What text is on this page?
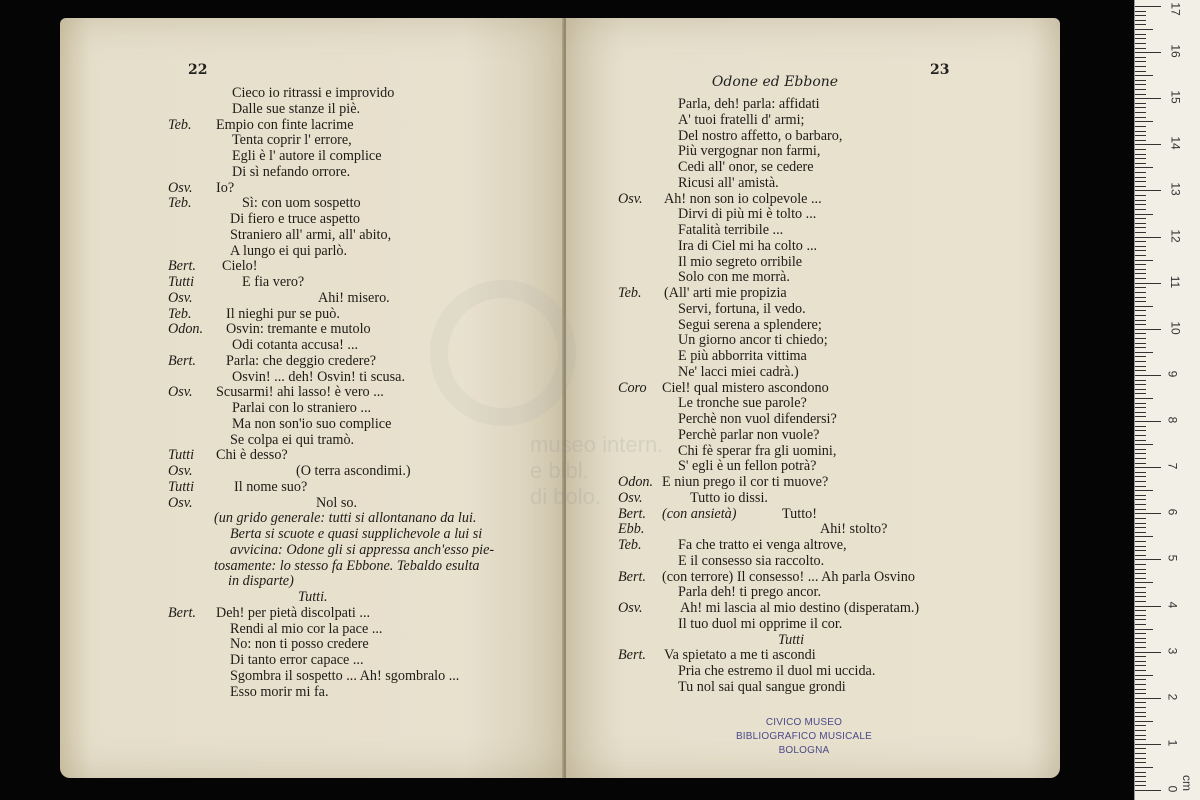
museo intern.
e bibl.
di bolo.
22	23
Odone ed Ebbone
Cieco io ritrassi e improvido
Dalle sue stanze il piè.
Teb. Empio con finte lacrime
Tenta coprir l' errore,
Egli è l' autore il complice
Di sì nefando orrore.
Osv. Io?
Teb.	Sì: con uom sospetto
Di fiero e truce aspetto
Straniero all' armi, all' abito,
A lungo ei qui parlò.
Bert. Cielo!
Tutti	E fia vero?
Osv.	Ahi! misero.
Teb. Il nieghi pur se può.
Odon. Osvin: tremante e mutolo
Odi cotanta accusa! ...
Bert. Parla: che deggio credere?
Osvin! ... deh! Osvin! ti scusa.
Osv. Scusarmi! ahi lasso! è vero ...
Parlai con lo straniero ...
Ma non son'io suo complice
Se colpa ei qui tramò.
Tutti Chi è desso?
Osv.	(O terra ascondimi.)
Tutti	Il nome suo?
Osv.	Nol so.
(un grido generale: tutti si allontanano da lui.
Berta si scuote e quasi supplichevole a lui si
avvicina: Odone gli si appressa anch'esso pie-
tosamente: lo stesso fa Ebbone. Tebaldo esulta
in disparte)
Tutti.
Bert. Deh! per pietà discolpati ...
Rendi al mio cor la pace ...
No: non ti posso credere
Di tanto error capace ...
Sgombra il sospetto ... Ah! sgombralo ...
Esso morir mi fa.
Parla, deh! parla: affidati
A' tuoi fratelli d' armi;
Del nostro affetto, o barbaro,
Più vergognar non farmi,
Cedi all' onor, se cedere
Ricusi all' amistà.
Osv. Ah! non son io colpevole ...
Dirvi di più mi è tolto ...
Fatalità terribile ...
Ira di Ciel mi ha colto ...
Il mio segreto orribile
Solo con me morrà.
Teb. (All' arti mie propizia
Servi, fortuna, il vedo.
Segui serena a splendere;
Un giorno ancor ti chiedo;
E più abborrita vittima
Ne' lacci miei cadrà.)
Coro Ciel! qual mistero ascondono
Le tronche sue parole?
Perchè non vuol difendersi?
Perchè parlar non vuole?
Chi fè sperar fra gli uomini,
S' egli è un fellon potrà?
Odon. E niun prego il cor ti muove?
Osv.	Tutto io dissi.
Bert. (con ansietà)	Tutto!
Ebb.	Ahi! stolto?
Teb.	Fa che tratto ei venga altrove,
E il consesso sia raccolto.
Bert. (con terrore) Il consesso! ... Ah parla Osvino
Parla deh! ti prego ancor.
Osv.	Ah! mi lascia al mio destino (disperatam.)
Il tuo duol mi opprime il cor.
Tutti
Bert. Va spietato a me ti ascondi
Pria che estremo il duol mi uccida.
Tu nol sai qual sangue grondi
CIVICO MUSEO
BIBLIOGRAFICO MUSICALE
BOLOGNA
17
16
15
14
13
12
11
10
9
8
7
6
5
4
3
2
1
0 cm
